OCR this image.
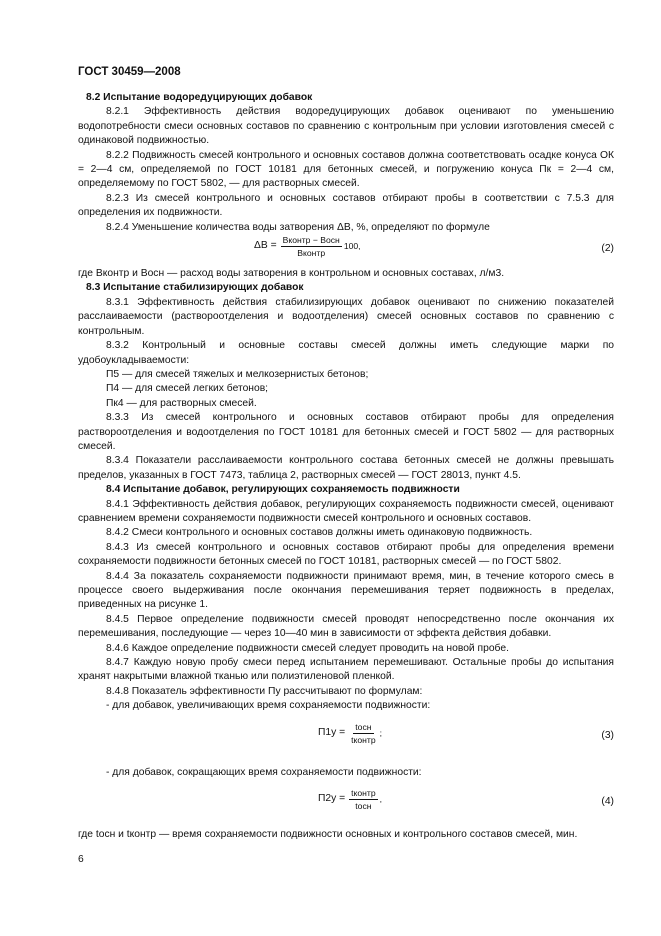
ГОСТ 30459—2008

8.2 Испытание водоредуцирующих добавок

8.2.1 Эффективность действия водоредуцирующих добавок оценивают по уменьшению водопотребности смеси основных составов по сравнению с контрольным при условии изготовления смесей с одинаковой подвижностью.

8.2.2 Подвижность смесей контрольного и основных составов должна соответствовать осадке конуса ОК = 2—4 см, определяемой по ГОСТ 10181 для бетонных смесей, и погружению конуса Пк = 2—4 см, определяемому по ГОСТ 5802, — для растворных смесей.

8.2.3 Из смесей контрольного и основных составов отбирают пробы в соответствии с 7.5.3 для определения их подвижности.

8.2.4 Уменьшение количества воды затворения ΔB, %, определяют по формуле

$\Delta B = \frac{\text{Bконтр − Bосн}}{\text{Bконтр}} 100$,	(2)

где Bконтр и Bосн — расход воды затворения в контрольном и основных составах, л/м3.

8.3 Испытание стабилизирующих добавок

8.3.1 Эффективность действия стабилизирующих добавок оценивают по снижению показателей расслаиваемости (раствороотделения и водоотделения) смесей основных составов по сравнению с контрольным.

8.3.2 Контрольный и основные составы смесей должны иметь следующие марки по удобоукладываемости:

П5 — для смесей тяжелых и мелкозернистых бетонов;

П4 — для смесей легких бетонов;

Пк4 — для растворных смесей.

8.3.3 Из смесей контрольного и основных составов отбирают пробы для определения раствороотделения и водоотделения по ГОСТ 10181 для бетонных смесей и ГОСТ 5802 — для растворных смесей.

8.3.4 Показатели расслаиваемости контрольного состава бетонных смесей не должны превышать пределов, указанных в ГОСТ 7473, таблица 2, растворных смесей — ГОСТ 28013, пункт 4.5.

8.4 Испытание добавок, регулирующих сохраняемость подвижности

8.4.1 Эффективность действия добавок, регулирующих сохраняемость подвижности смесей, оценивают сравнением времени сохраняемости подвижности смесей контрольного и основных составов.

8.4.2 Смеси контрольного и основных составов должны иметь одинаковую подвижность.

8.4.3 Из смесей контрольного и основных составов отбирают пробы для определения времени сохраняемости подвижности бетонных смесей по ГОСТ 10181, растворных смесей — по ГОСТ 5802.

8.4.4 За показатель сохраняемости подвижности принимают время, мин, в течение которого смесь в процессе своего выдерживания после окончания перемешивания теряет подвижность в пределах, приведенных на рисунке 1.

8.4.5 Первое определение подвижности смесей проводят непосредственно после окончания их перемешивания, последующие — через 10—40 мин в зависимости от эффекта действия добавки.

8.4.6 Каждое определение подвижности смесей следует проводить на новой пробе.

8.4.7 Каждую новую пробу смеси перед испытанием перемешивают. Остальные пробы до испытания хранят накрытыми влажной тканью или полиэтиленовой пленкой.

8.4.8 Показатель эффективности Пу рассчитывают по формулам:

- для добавок, увеличивающих время сохраняемости подвижности:

$П1у = \frac{\text{tосн}}{\text{tконтр}}$ ;	(3)

- для добавок, сокращающих время сохраняемости подвижности:

$П2у = \frac{\text{tконтр}}{\text{tосн}}$ ,	(4)

где tосн и tконтр — время сохраняемости подвижности основных и контрольного составов смесей, мин.

6
